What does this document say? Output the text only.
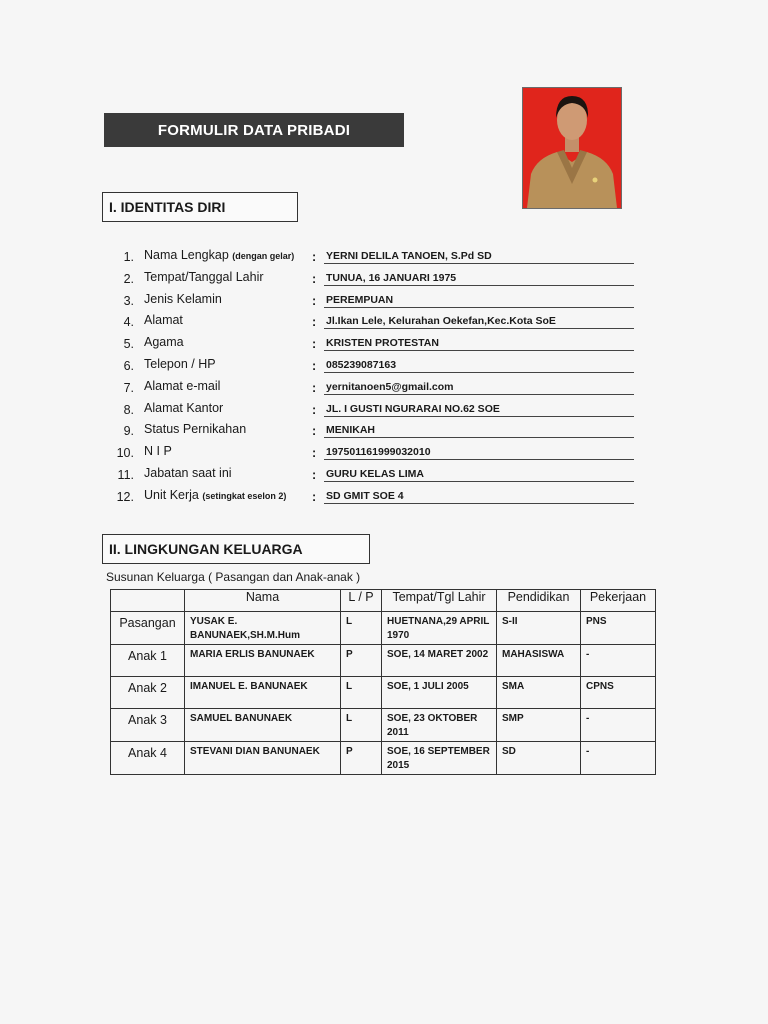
FORMULIR DATA PRIBADI
I. IDENTITAS DIRI
1. Nama Lengkap (dengan gelar) : YERNI DELILA TANOEN, S.Pd SD
2. Tempat/Tanggal Lahir	: TUNUA, 16 JANUARI 1975
3. Jenis Kelamin	: PEREMPUAN
4. Alamat	: Jl.Ikan Lele, Kelurahan Oekefan,Kec.Kota SoE
5. Agama	: KRISTEN PROTESTAN
6. Telepon / HP	: 085239087163
7. Alamat e-mail	: yernitanoen5@gmail.com
8. Alamat Kantor	: JL. I GUSTI NGURARAI NO.62 SOE
9. Status Pernikahan	: MENIKAH
10. N I P	: 197501161999032010
11. Jabatan saat ini	: GURU KELAS LIMA
12. Unit Kerja (setingkat eselon 2) : SD GMIT SOE 4
II. LINGKUNGAN KELUARGA
Susunan Keluarga ( Pasangan dan Anak-anak )
	Nama	L / P	Tempat/Tgl Lahir	Pendidikan	Pekerjaan
Pasangan	YUSAK E. BANUNAEK,SH.M.Hum	L	HUETNANA,29 APRIL 1970	S-II	PNS
Anak 1	MARIA ERLIS BANUNAEK	P	SOE, 14 MARET 2002	MAHASISWA	-
Anak 2	IMANUEL E. BANUNAEK	L	SOE, 1 JULI 2005	SMA	CPNS
Anak 3	SAMUEL BANUNAEK	L	SOE, 23 OKTOBER 2011	SMP	-
Anak 4	STEVANI DIAN BANUNAEK	P	SOE, 16 SEPTEMBER 2015	SD	-
